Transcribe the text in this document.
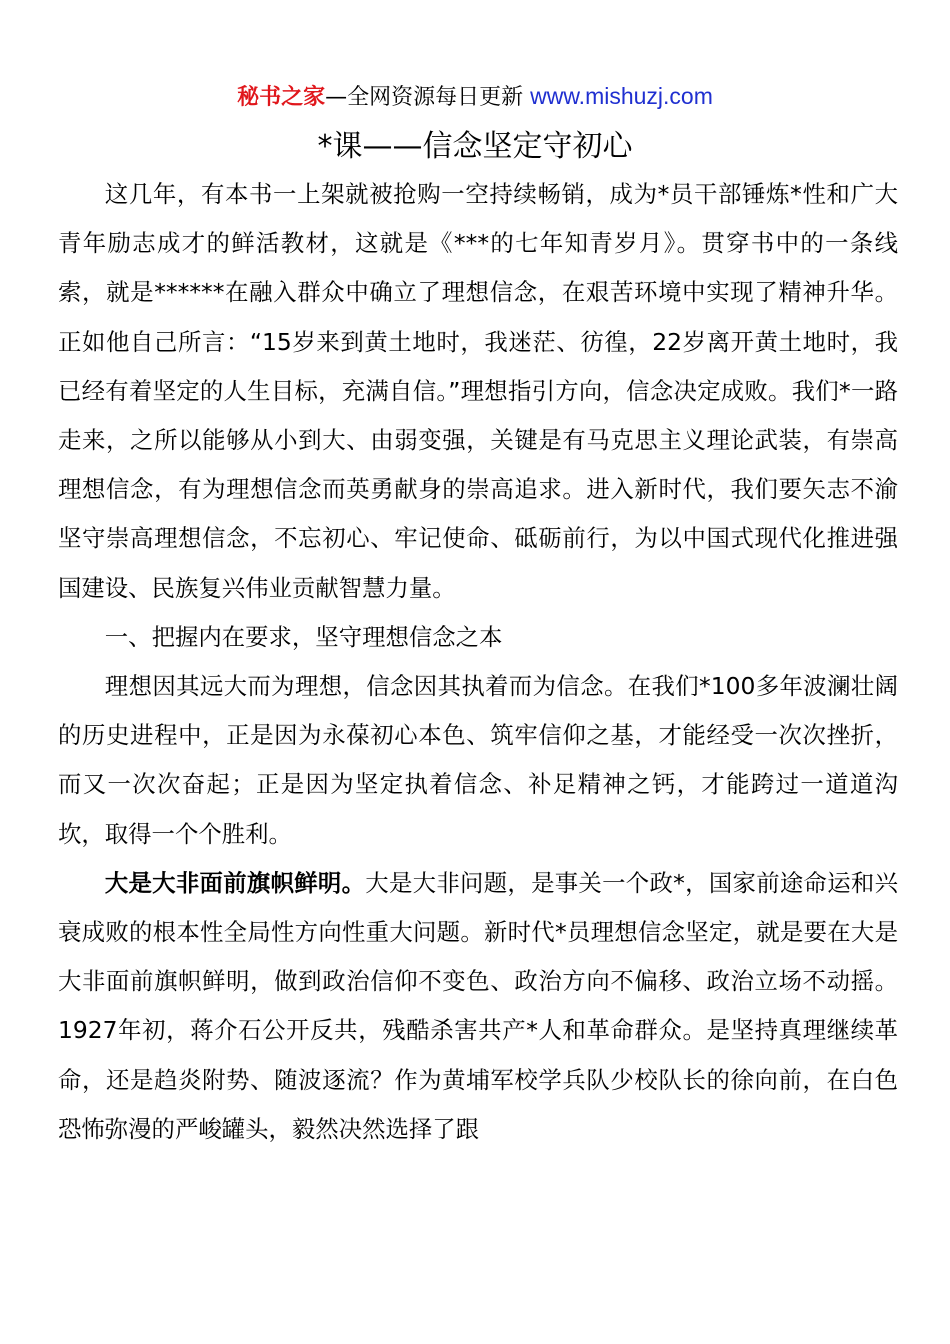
秘书之家—全网资源每日更新 www.mishuzj.com
*课——信念坚定守初心

这几年，有本书一上架就被抢购一空持续畅销，成为*员干部锤炼*性和广大青年励志成才的鲜活教材，这就是《***的七年知青岁月》。贯穿书中的一条线索，就是******在融入群众中确立了理想信念，在艰苦环境中实现了精神升华。正如他自己所言：“15岁来到黄土地时，我迷茫、彷徨，22岁离开黄土地时，我已经有着坚定的人生目标，充满自信。”理想指引方向，信念决定成败。我们*一路走来，之所以能够从小到大、由弱变强，关键是有马克思主义理论武装，有崇高理想信念，有为理想信念而英勇献身的崇高追求。进入新时代，我们要矢志不渝坚守崇高理想信念，不忘初心、牢记使命、砥砺前行，为以中国式现代化推进强国建设、民族复兴伟业贡献智慧力量。

一、把握内在要求，坚守理想信念之本

理想因其远大而为理想，信念因其执着而为信念。在我们*100多年波澜壮阔的历史进程中，正是因为永葆初心本色、筑牢信仰之基，才能经受一次次挫折，而又一次次奋起；正是因为坚定执着信念、补足精神之钙，才能跨过一道道沟坎，取得一个个胜利。

大是大非面前旗帜鲜明。大是大非问题，是事关一个政*，国家前途命运和兴衰成败的根本性全局性方向性重大问题。新时代*员理想信念坚定，就是要在大是大非面前旗帜鲜明，做到政治信仰不变色、政治方向不偏移、政治立场不动摇。1927年初，蒋介石公开反共，残酷杀害共产*人和革命群众。是坚持真理继续革命，还是趋炎附势、随波逐流？作为黄埔军校学兵队少校队长的徐向前，在白色恐怖弥漫的严峻罐头，毅然决然选择了跟
